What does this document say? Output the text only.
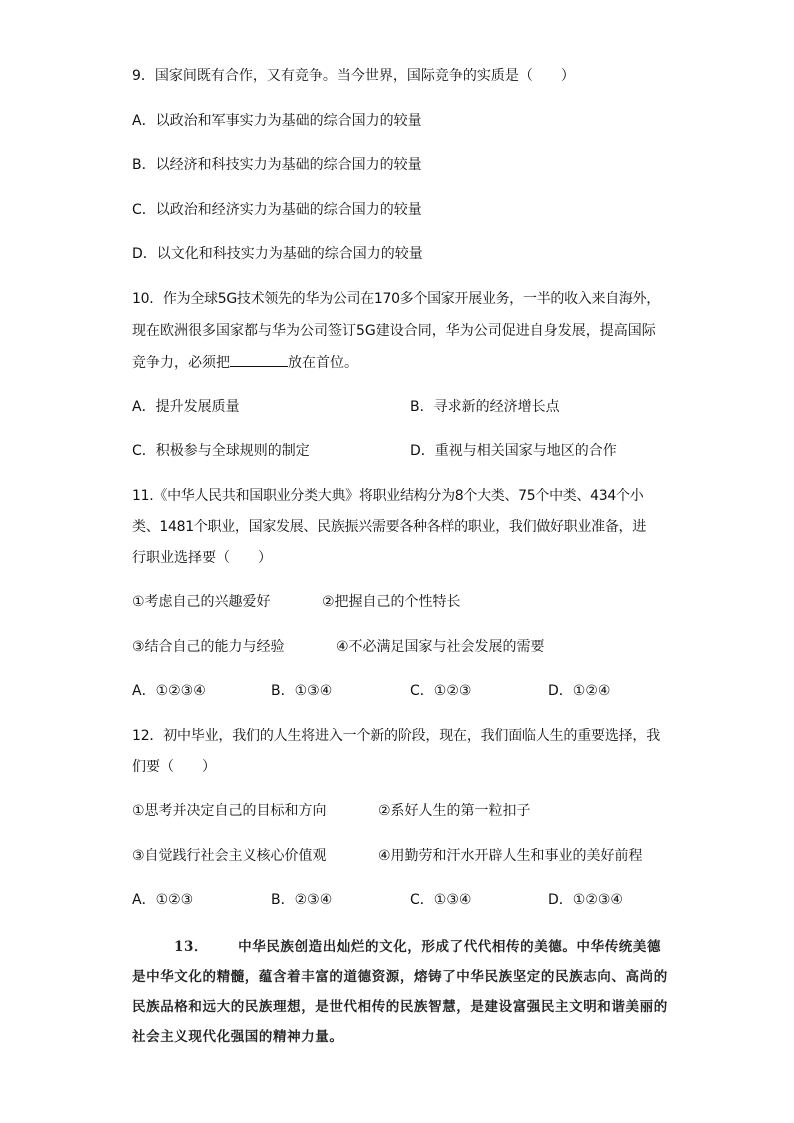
9．国家间既有合作，又有竞争。当今世界，国际竞争的实质是（　　）
A．以政治和军事实力为基础的综合国力的较量
B．以经济和科技实力为基础的综合国力的较量
C．以政治和经济实力为基础的综合国力的较量
D．以文化和科技实力为基础的综合国力的较量
10．作为全球5G技术领先的华为公司在170多个国家开展业务，一半的收入来自海外，
现在欧洲很多国家都与华为公司签订5G建设合同，华为公司促进自身发展，提高国际
竞争力，必须把	放在首位。
A．提升发展质量	B．寻求新的经济增长点
C．积极参与全球规则的制定	D．重视与相关国家与地区的合作
11.《中华人民共和国职业分类大典》将职业结构分为8个大类、75个中类、434个小
类、1481个职业，国家发展、民族振兴需要各种各样的职业，我们做好职业准备，进
行职业选择要（　　）
①考虑自己的兴趣爱好	②把握自己的个性特长
③结合自己的能力与经验	④不必满足国家与社会发展的需要
A．①②③④	B．①③④	C．①②③	D．①②④
12．初中毕业，我们的人生将进入一个新的阶段，现在，我们面临人生的重要选择，我
们要（　　）
①思考并决定自己的目标和方向	②系好人生的第一粒扣子
③自觉践行社会主义核心价值观	④用勤劳和汗水开辟人生和事业的美好前程
A．①②③	B．②③④	C．①③④	D．①②③④
13． 中华民族创造出灿烂的文化，形成了代代相传的美德。中华传统美德是中华文化的精髓，蕴含着丰富的道德资源，熔铸了中华民族坚定的民族志向、高尚的民族品格和远大的民族理想，是世代相传的民族智慧，是建设富强民主文明和谐美丽的社会主义现代化强国的精神力量。
